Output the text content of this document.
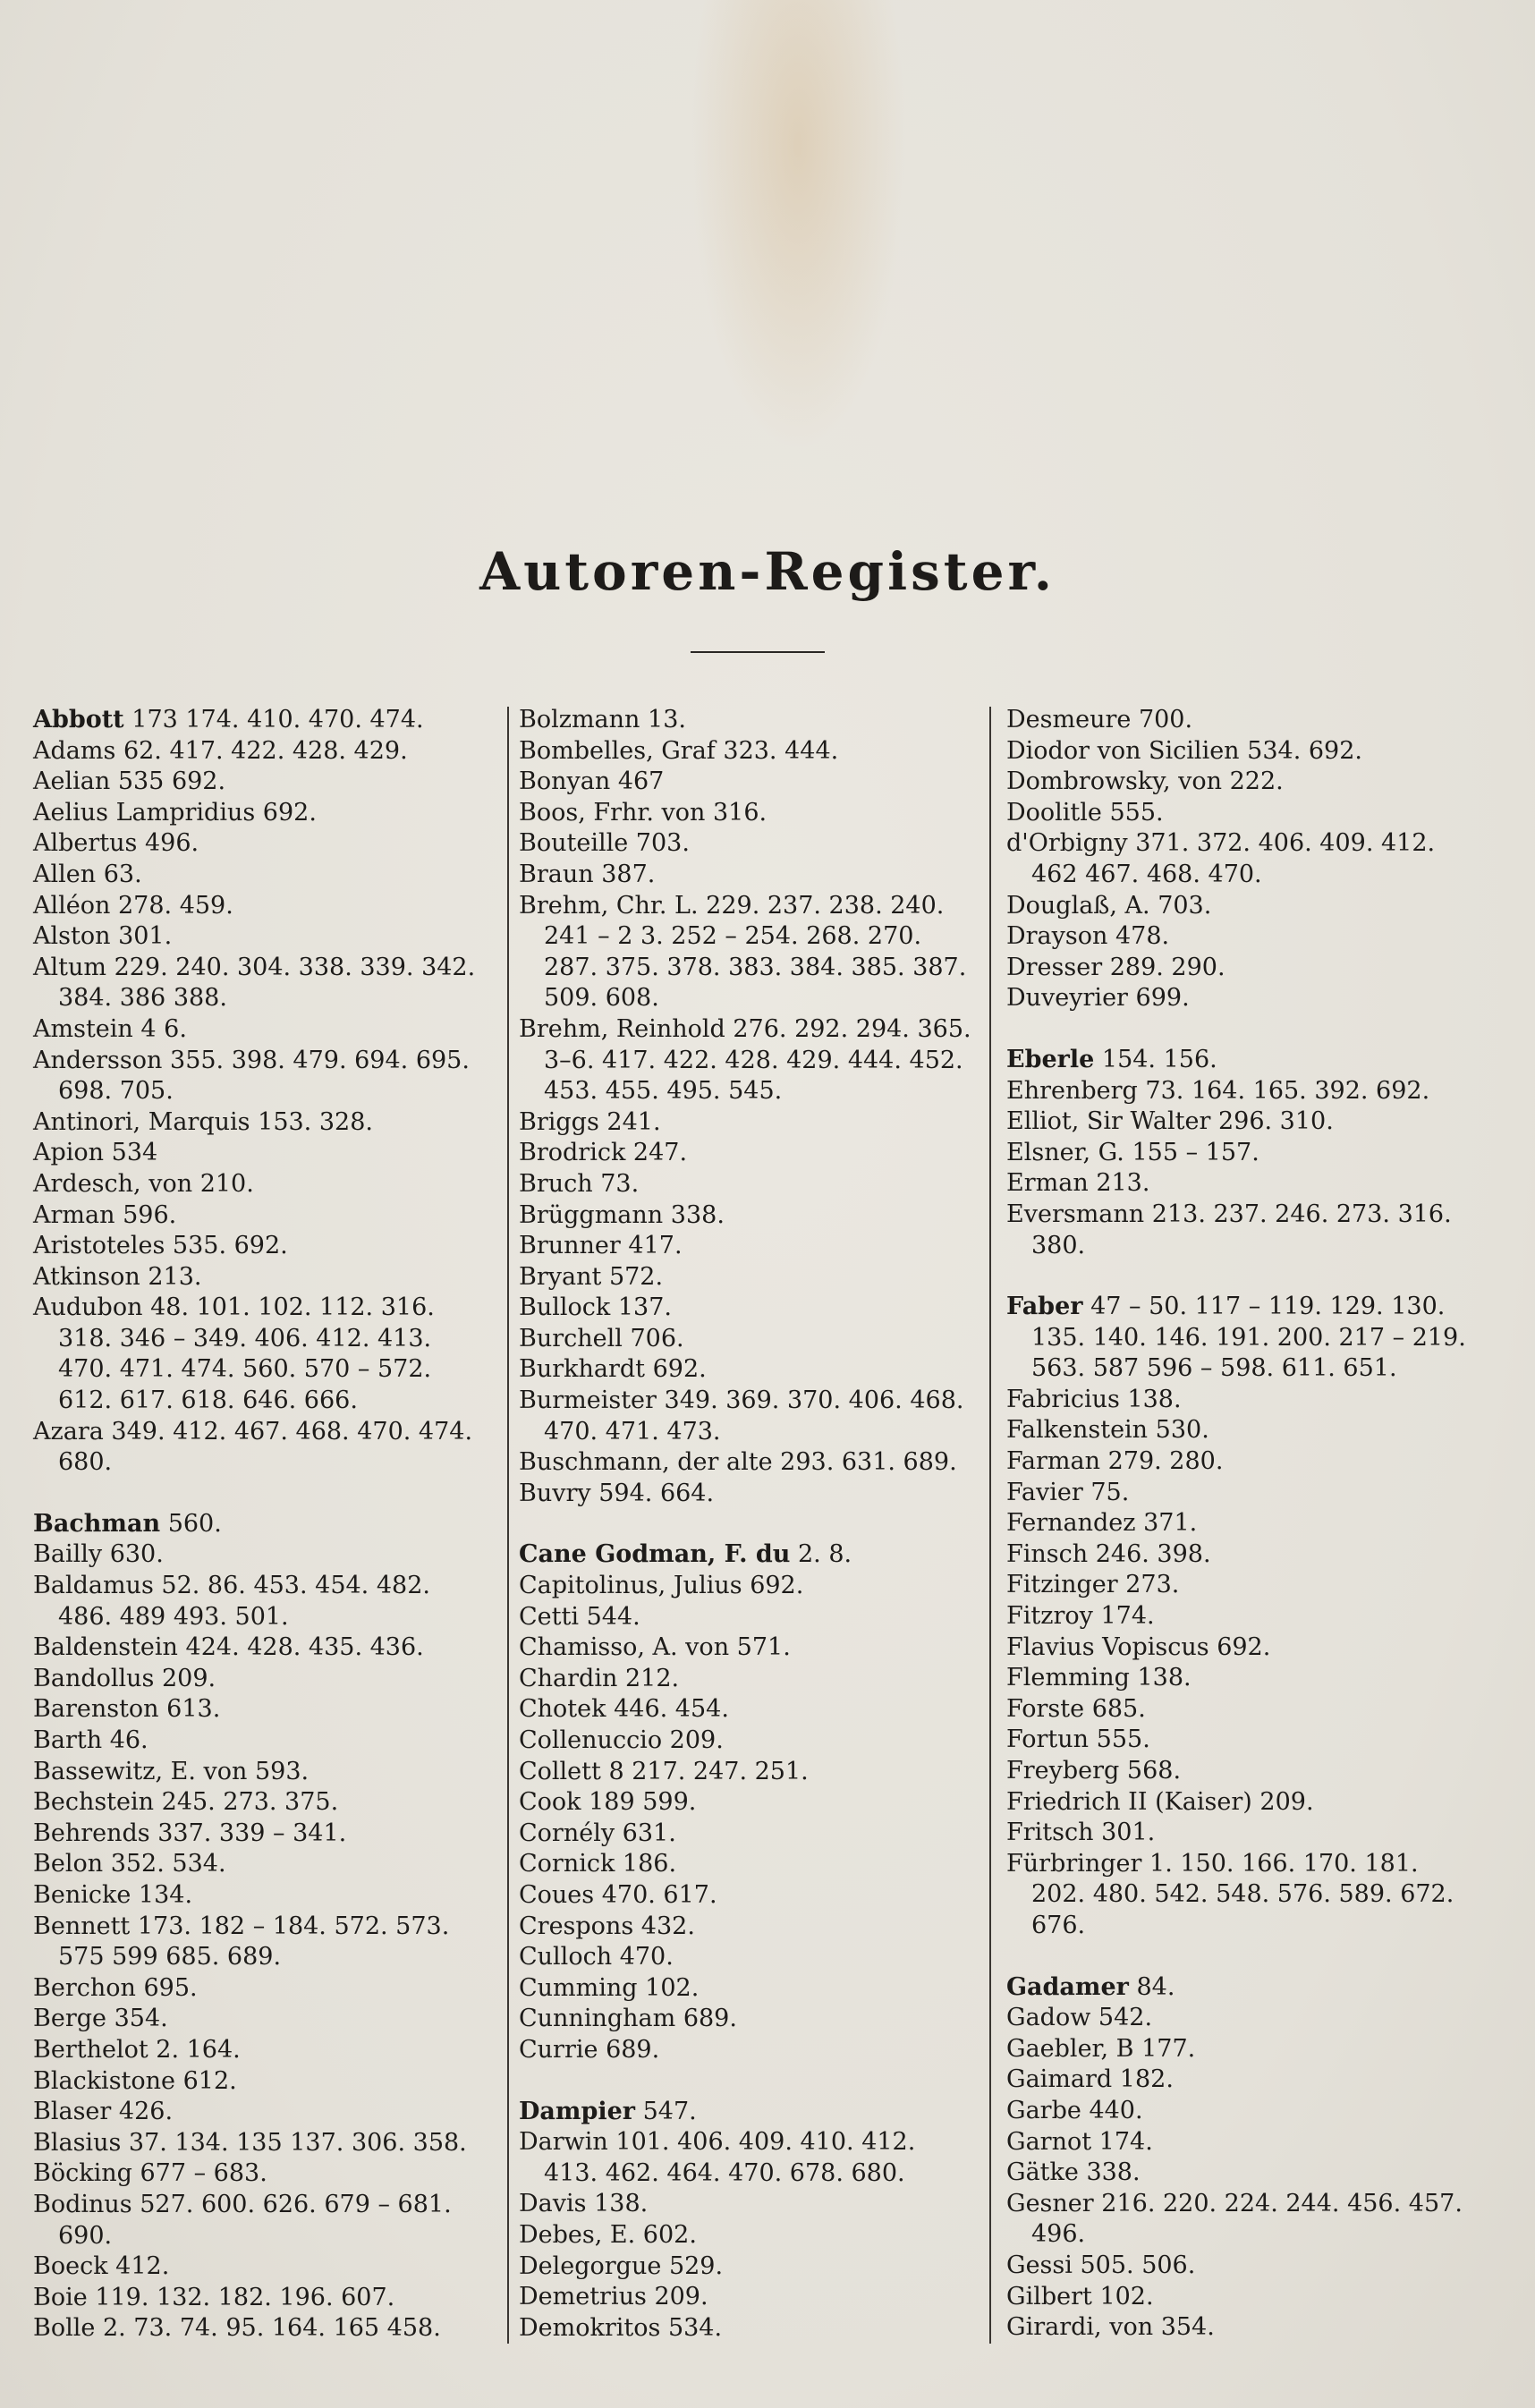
Autoren-Register.
Abbott 173 174. 410. 470. 474.
Adams 62. 417. 422. 428. 429.
Aelian 535 692.
Aelius Lampridius 692.
Albertus 496.
Allen 63.
Alléon 278. 459.
Alston 301.
Altum 229. 240. 304. 338. 339. 342.
384. 386 388.
Amstein 4 6.
Andersson 355. 398. 479. 694. 695.
698. 705.
Antinori, Marquis 153. 328.
Apion 534
Ardesch, von 210.
Arman 596.
Aristoteles 535. 692.
Atkinson 213.
Audubon 48. 101. 102. 112. 316.
318. 346 – 349. 406. 412. 413.
470. 471. 474. 560. 570 – 572.
612. 617. 618. 646. 666.
Azara 349. 412. 467. 468. 470. 474.
680.
Bachman 560.
Bailly 630.
Baldamus 52. 86. 453. 454. 482.
486. 489 493. 501.
Baldenstein 424. 428. 435. 436.
Bandollus 209.
Barenston 613.
Barth 46.
Bassewitz, E. von 593.
Bechstein 245. 273. 375.
Behrends 337. 339 – 341.
Belon 352. 534.
Benicke 134.
Bennett 173. 182 – 184. 572. 573.
575 599 685. 689.
Berchon 695.
Berge 354.
Berthelot 2. 164.
Blackistone 612.
Blaser 426.
Blasius 37. 134. 135 137. 306. 358.
Böcking 677 – 683.
Bodinus 527. 600. 626. 679 – 681.
690.
Boeck 412.
Boie 119. 132. 182. 196. 607.
Bolle 2. 73. 74. 95. 164. 165 458.
Bolzmann 13.
Bombelles, Graf 323. 444.
Bonyan 467
Boos, Frhr. von 316.
Bouteille 703.
Braun 387.
Brehm, Chr. L. 229. 237. 238. 240.
241 – 2 3. 252 – 254. 268. 270.
287. 375. 378. 383. 384. 385. 387.
509. 608.
Brehm, Reinhold 276. 292. 294. 365.
3–6. 417. 422. 428. 429. 444. 452.
453. 455. 495. 545.
Briggs 241.
Brodrick 247.
Bruch 73.
Brüggmann 338.
Brunner 417.
Bryant 572.
Bullock 137.
Burchell 706.
Burkhardt 692.
Burmeister 349. 369. 370. 406. 468.
470. 471. 473.
Buschmann, der alte 293. 631. 689.
Buvry 594. 664.
Cane Godman, F. du 2. 8.
Capitolinus, Julius 692.
Cetti 544.
Chamisso, A. von 571.
Chardin 212.
Chotek 446. 454.
Collenuccio 209.
Collett 8 217. 247. 251.
Cook 189 599.
Cornély 631.
Cornick 186.
Coues 470. 617.
Crespons 432.
Culloch 470.
Cumming 102.
Cunningham 689.
Currie 689.
Dampier 547.
Darwin 101. 406. 409. 410. 412.
413. 462. 464. 470. 678. 680.
Davis 138.
Debes, E. 602.
Delegorgue 529.
Demetrius 209.
Demokritos 534.
Desmeure 700.
Diodor von Sicilien 534. 692.
Dombrowsky, von 222.
Doolitle 555.
d'Orbigny 371. 372. 406. 409. 412.
462 467. 468. 470.
Douglaß, A. 703.
Drayson 478.
Dresser 289. 290.
Duveyrier 699.
Eberle 154. 156.
Ehrenberg 73. 164. 165. 392. 692.
Elliot, Sir Walter 296. 310.
Elsner, G. 155 – 157.
Erman 213.
Eversmann 213. 237. 246. 273. 316.
380.
Faber 47 – 50. 117 – 119. 129. 130.
135. 140. 146. 191. 200. 217 – 219.
563. 587 596 – 598. 611. 651.
Fabricius 138.
Falkenstein 530.
Farman 279. 280.
Favier 75.
Fernandez 371.
Finsch 246. 398.
Fitzinger 273.
Fitzroy 174.
Flavius Vopiscus 692.
Flemming 138.
Forste 685.
Fortun 555.
Freyberg 568.
Friedrich II (Kaiser) 209.
Fritsch 301.
Fürbringer 1. 150. 166. 170. 181.
202. 480. 542. 548. 576. 589. 672.
676.
Gadamer 84.
Gadow 542.
Gaebler, B 177.
Gaimard 182.
Garbe 440.
Garnot 174.
Gätke 338.
Gesner 216. 220. 224. 244. 456. 457.
496.
Gessi 505. 506.
Gilbert 102.
Girardi, von 354.
